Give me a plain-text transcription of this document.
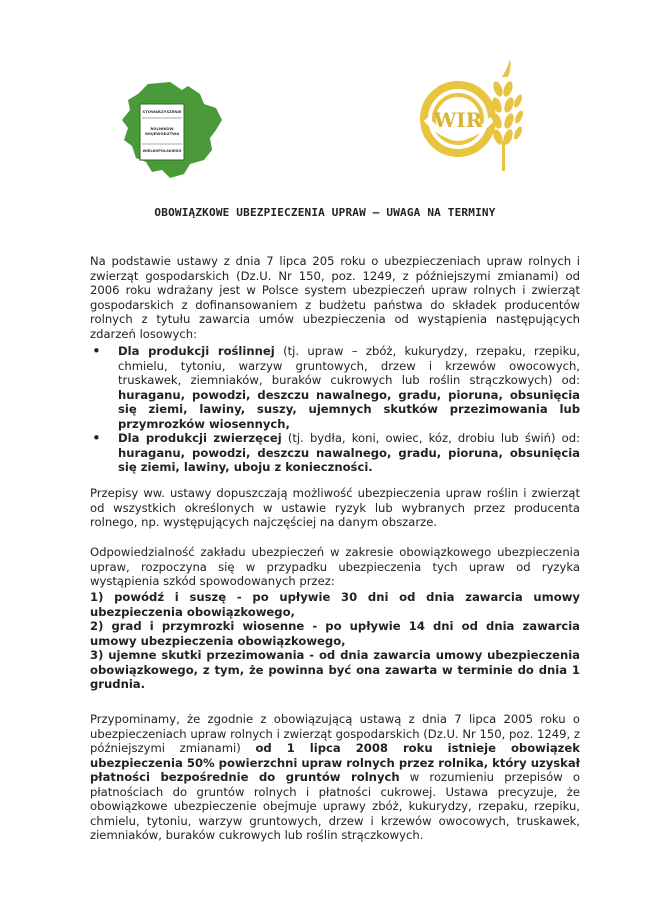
STOWARZYSZENIE
ROLNIKÓW
WOJEWÓDZTWA
WIELKOPOLSKIEGO
WIR
OBOWIĄZKOWE UBEZPIECZENIA UPRAW – UWAGA NA TERMINY
Na podstawie ustawy z dnia 7 lipca 205 roku o ubezpieczeniach upraw rolnych i zwierząt gospodarskich (Dz.U. Nr 150, poz. 1249, z późniejszymi zmianami) od 2006 roku wdrażany jest w Polsce system ubezpieczeń upraw rolnych i zwierząt gospodarskich z dofinansowaniem z budżetu państwa do składek producentów rolnych z tytułu zawarcia umów ubezpieczenia od wystąpienia następujących zdarzeń losowych:
• Dla produkcji roślinnej (tj. upraw – zbóż, kukurydzy, rzepaku, rzepiku, chmielu, tytoniu, warzyw gruntowych, drzew i krzewów owocowych, truskawek, ziemniaków, buraków cukrowych lub roślin strączkowych) od: huraganu, powodzi, deszczu nawalnego, gradu, pioruna, obsunięcia się ziemi, lawiny, suszy, ujemnych skutków przezimowania lub przymrozków wiosennych,
• Dla produkcji zwierzęcej (tj. bydła, koni, owiec, kóz, drobiu lub świń) od: huraganu, powodzi, deszczu nawalnego, gradu, pioruna, obsunięcia się ziemi, lawiny, uboju z konieczności.
Przepisy ww. ustawy dopuszczają możliwość ubezpieczenia upraw roślin i zwierząt od wszystkich określonych w ustawie ryzyk lub wybranych przez producenta rolnego, np. występujących najczęściej na danym obszarze.
Odpowiedzialność zakładu ubezpieczeń w zakresie obowiązkowego ubezpieczenia upraw, rozpoczyna się w przypadku ubezpieczenia tych upraw od ryzyka wystąpienia szkód spowodowanych przez:
1) powódź i suszę - po upływie 30 dni od dnia zawarcia umowy ubezpieczenia obowiązkowego,
2) grad i przymrozki wiosenne - po upływie 14 dni od dnia zawarcia umowy ubezpieczenia obowiązkowego,
3) ujemne skutki przezimowania - od dnia zawarcia umowy ubezpieczenia obowiązkowego, z tym, że powinna być ona zawarta w terminie do dnia 1 grudnia.
Przypominamy, że zgodnie z obowiązującą ustawą z dnia 7 lipca 2005 roku o ubezpieczeniach upraw rolnych i zwierząt gospodarskich (Dz.U. Nr 150, poz. 1249, z późniejszymi zmianami) od 1 lipca 2008 roku istnieje obowiązek ubezpieczenia 50% powierzchni upraw rolnych przez rolnika, który uzyskał płatności bezpośrednie do gruntów rolnych w rozumieniu przepisów o płatnościach do gruntów rolnych i płatności cukrowej. Ustawa precyzuje, że obowiązkowe ubezpieczenie obejmuje uprawy zbóż, kukurydzy, rzepaku, rzepiku, chmielu, tytoniu, warzyw gruntowych, drzew i krzewów owocowych, truskawek, ziemniaków, buraków cukrowych lub roślin strączkowych.
